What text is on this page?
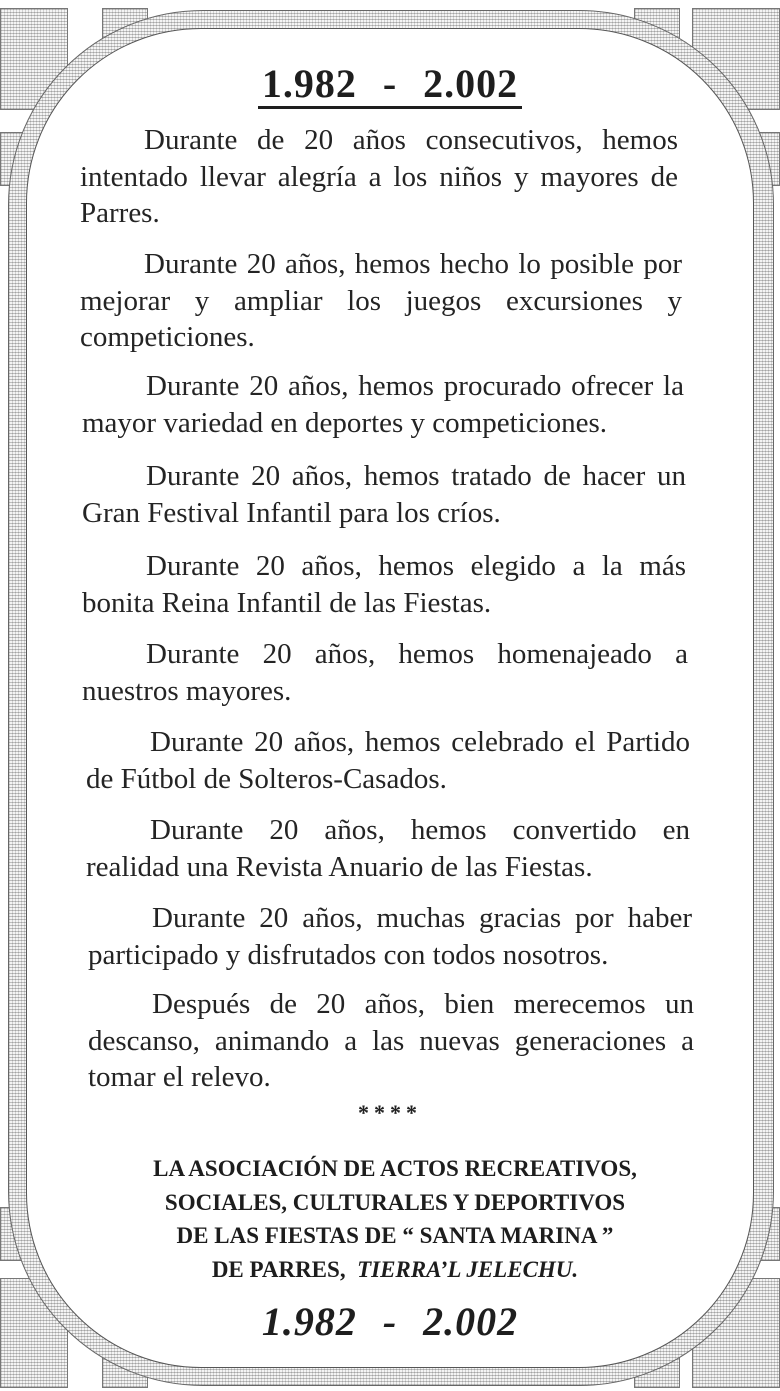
1.982 - 2.002

Durante de 20 años consecutivos, hemos intentado llevar alegría a los niños y mayores de Parres.

Durante 20 años, hemos hecho lo posible por mejorar y ampliar los juegos excursiones y competiciones.

Durante 20 años, hemos procurado ofrecer la mayor variedad en deportes y competiciones.

Durante 20 años, hemos tratado de hacer un Gran Festival Infantil para los críos.

Durante 20 años, hemos elegido a la más bonita Reina Infantil de las Fiestas.

Durante 20 años, hemos homenajeado a nuestros mayores.

Durante 20 años, hemos celebrado el Partido de Fútbol de Solteros-Casados.

Durante 20 años, hemos convertido en realidad una Revista Anuario de las Fiestas.

Durante 20 años, muchas gracias por haber participado y disfrutados con todos nosotros.

Después de 20 años, bien merecemos un descanso, animando a las nuevas generaciones a tomar el relevo.

****
LA ASOCIACIÓN DE ACTOS RECREATIVOS,
SOCIALES, CULTURALES Y DEPORTIVOS
DE LAS FIESTAS DE “ SANTA MARINA ”
DE PARRES, TIERRA’L JELECHU.
1.982 - 2.002
